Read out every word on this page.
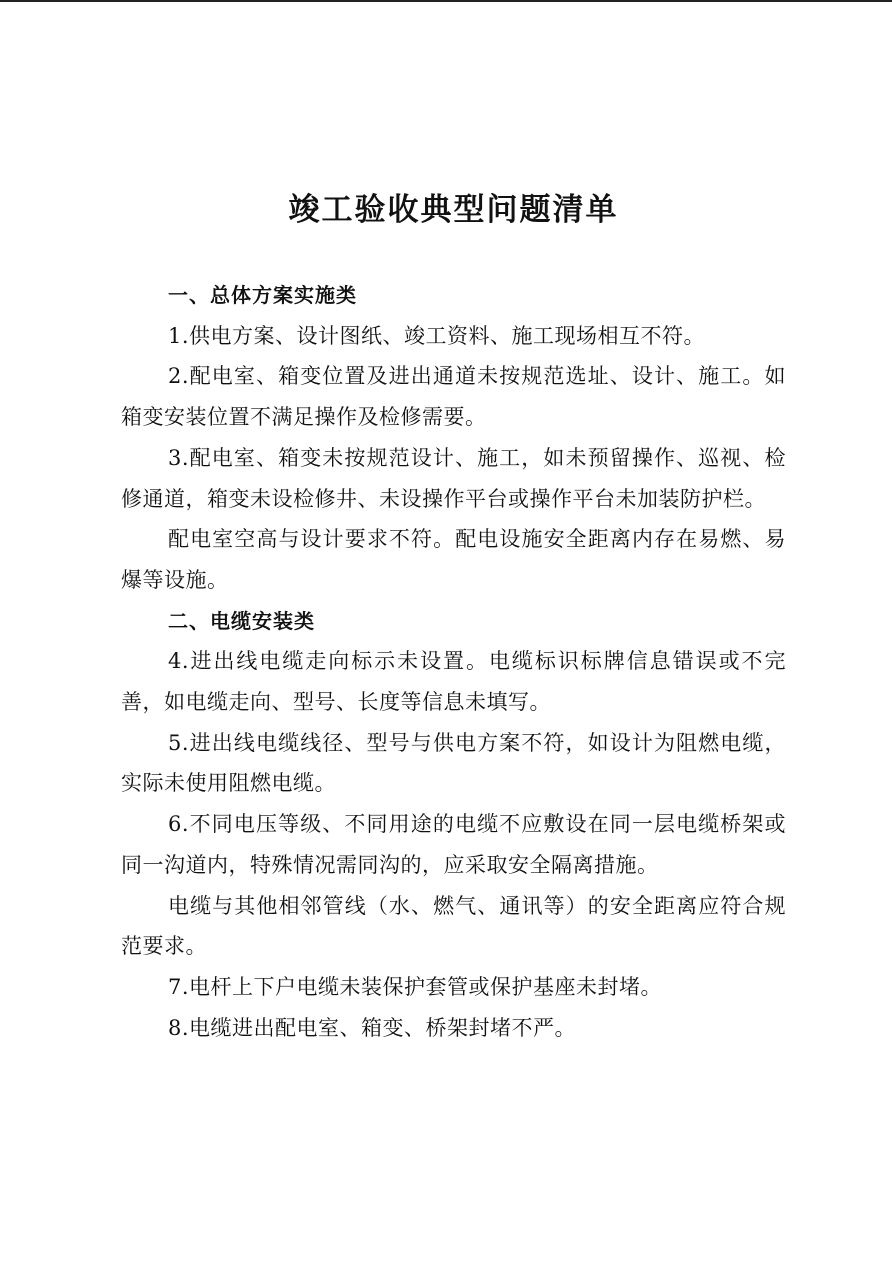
竣工验收典型问题清单

一、总体方案实施类

1.供电方案、设计图纸、竣工资料、施工现场相互不符。

2.配电室、箱变位置及进出通道未按规范选址、设计、施工。如箱变安装位置不满足操作及检修需要。

3.配电室、箱变未按规范设计、施工，如未预留操作、巡视、检修通道，箱变未设检修井、未设操作平台或操作平台未加装防护栏。

配电室空高与设计要求不符。配电设施安全距离内存在易燃、易爆等设施。

二、电缆安装类

4.进出线电缆走向标示未设置。电缆标识标牌信息错误或不完善，如电缆走向、型号、长度等信息未填写。

5.进出线电缆线径、型号与供电方案不符，如设计为阻燃电缆，实际未使用阻燃电缆。

6.不同电压等级、不同用途的电缆不应敷设在同一层电缆桥架或同一沟道内，特殊情况需同沟的，应采取安全隔离措施。

电缆与其他相邻管线（水、燃气、通讯等）的安全距离应符合规范要求。

7.电杆上下户电缆未装保护套管或保护基座未封堵。

8.电缆进出配电室、箱变、桥架封堵不严。
